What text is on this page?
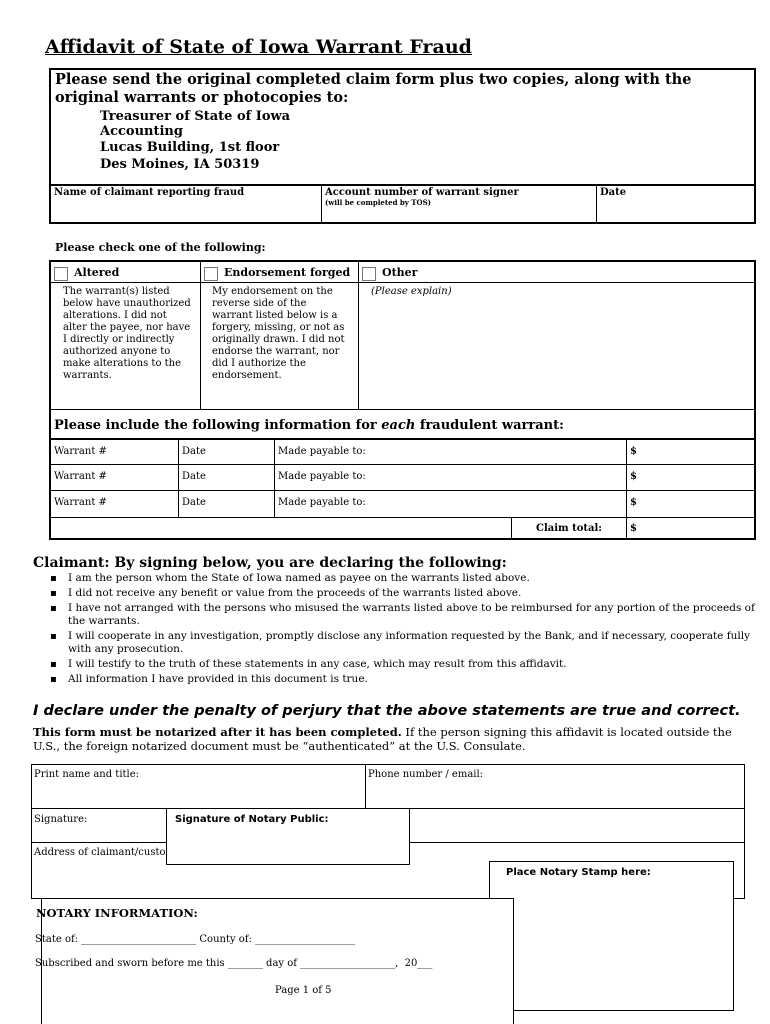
Affidavit of State of Iowa Warrant Fraud
Please send the original completed claim form plus two copies, along with the original warrants or photocopies to:
Treasurer of State of Iowa
Accounting
Lucas Building, 1st floor
Des Moines, IA 50319
Name of claimant reporting fraud	Account number of warrant signer
(will be completed by TOS)
Date
Please check one of the following:
Altered	Endorsement forged	Other
The warrant(s) listed below have unauthorized alterations. I did not alter the payee, nor have I directly or indirectly authorized anyone to make alterations to the warrants.
My endorsement on the reverse side of the warrant listed below is a forgery, missing, or not as originally drawn. I did not endorse the warrant, nor did I authorize the endorsement.
(Please explain)
Please include the following information for each fraudulent warrant:
Warrant #	Date	Made payable to:	$
Warrant #	Date	Made payable to:	$
Warrant #	Date	Made payable to:	$
Claim total:	$
Claimant: By signing below, you are declaring the following:
▪ I am the person whom the State of Iowa named as payee on the warrants listed above.
▪ I did not receive any benefit or value from the proceeds of the warrants listed above.
▪ I have not arranged with the persons who misused the warrants listed above to be reimbursed for any portion of the proceeds of the warrants.
▪ I will cooperate in any investigation, promptly disclose any information requested by the Bank, and if necessary, cooperate fully with any prosecution.
▪ I will testify to the truth of these statements in any case, which may result from this affidavit.
▪ All information I have provided in this document is true.
I declare under the penalty of perjury that the above statements are true and correct.
This form must be notarized after it has been completed. If the person signing this affidavit is located outside the U.S., the foreign notarized document must be “authenticated” at the U.S. Consulate.
Print name and title:	Phone number / email:
Signature:
Address of claimant/custo
Signature of Notary Public:
Place Notary Stamp here:
NOTARY INFORMATION:
State of: _______________________ County of: ____________________
Subscribed and sworn before me this _______ day of ___________________,  20___
Page 1 of 5
